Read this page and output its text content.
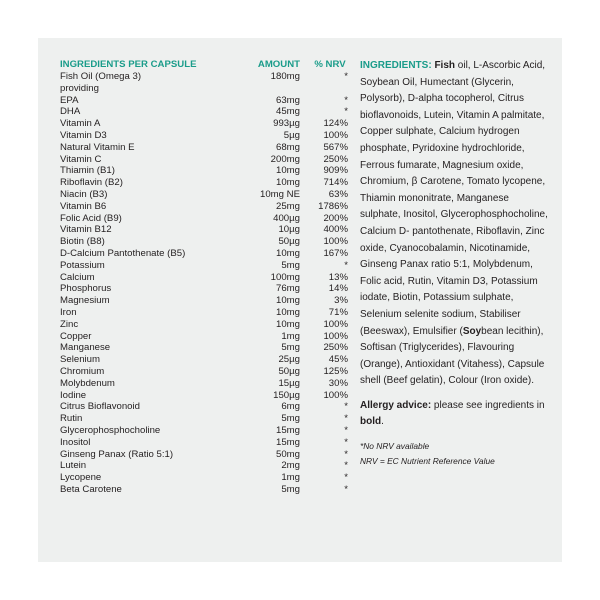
INGREDIENTS PER CAPSULE	AMOUNT	% NRV
Fish Oil (Omega 3)	180mg	*
providing
EPA	63mg	*
DHA	45mg	*
Vitamin A	993µg	124%
Vitamin D3	5µg	100%
Natural Vitamin E	68mg	567%
Vitamin C	200mg	250%
Thiamin (B1)	10mg	909%
Riboflavin (B2)	10mg	714%
Niacin (B3)	10mg NE	63%
Vitamin B6	25mg	1786%
Folic Acid (B9)	400µg	200%
Vitamin B12	10µg	400%
Biotin (B8)	50µg	100%
D-Calcium Pantothenate (B5)	10mg	167%
Potassium	5mg	*
Calcium	100mg	13%
Phosphorus	76mg	14%
Magnesium	10mg	3%
Iron	10mg	71%
Zinc	10mg	100%
Copper	1mg	100%
Manganese	5mg	250%
Selenium	25µg	45%
Chromium	50µg	125%
Molybdenum	15µg	30%
Iodine	150µg	100%
Citrus Bioflavonoid	6mg	*
Rutin	5mg	*
Glycerophosphocholine	15mg	*
Inositol	15mg	*
Ginseng Panax (Ratio 5:1)	50mg	*
Lutein	2mg	*
Lycopene	1mg	*
Beta Carotene	5mg	*
INGREDIENTS: Fish oil, L-Ascorbic Acid, Soybean Oil, Humectant (Glycerin, Polysorb), D-alpha tocopherol, Citrus bioflavonoids, Lutein, Vitamin A palmitate, Copper sulphate, Calcium hydrogen phosphate, Pyridoxine hydrochloride, Ferrous fumarate, Magnesium oxide, Chromium, β Carotene, Tomato lycopene, Thiamin mononitrate, Manganese sulphate, Inositol, Glycerophosphocholine, Calcium D- pantothenate, Riboflavin, Zinc oxide, Cyanocobalamin, Nicotinamide, Ginseng Panax ratio 5:1, Molybdenum, Folic acid, Rutin, Vitamin D3, Potassium iodate, Biotin, Potassium sulphate, Selenium selenite sodium, Stabiliser (Beeswax), Emulsifier (Soybean lecithin), Softisan (Triglycerides), Flavouring (Orange), Antioxidant (Vitahess), Capsule shell (Beef gelatin), Colour (Iron oxide).
Allergy advice: please see ingredients in bold.
*No NRV available
NRV = EC Nutrient Reference Value
